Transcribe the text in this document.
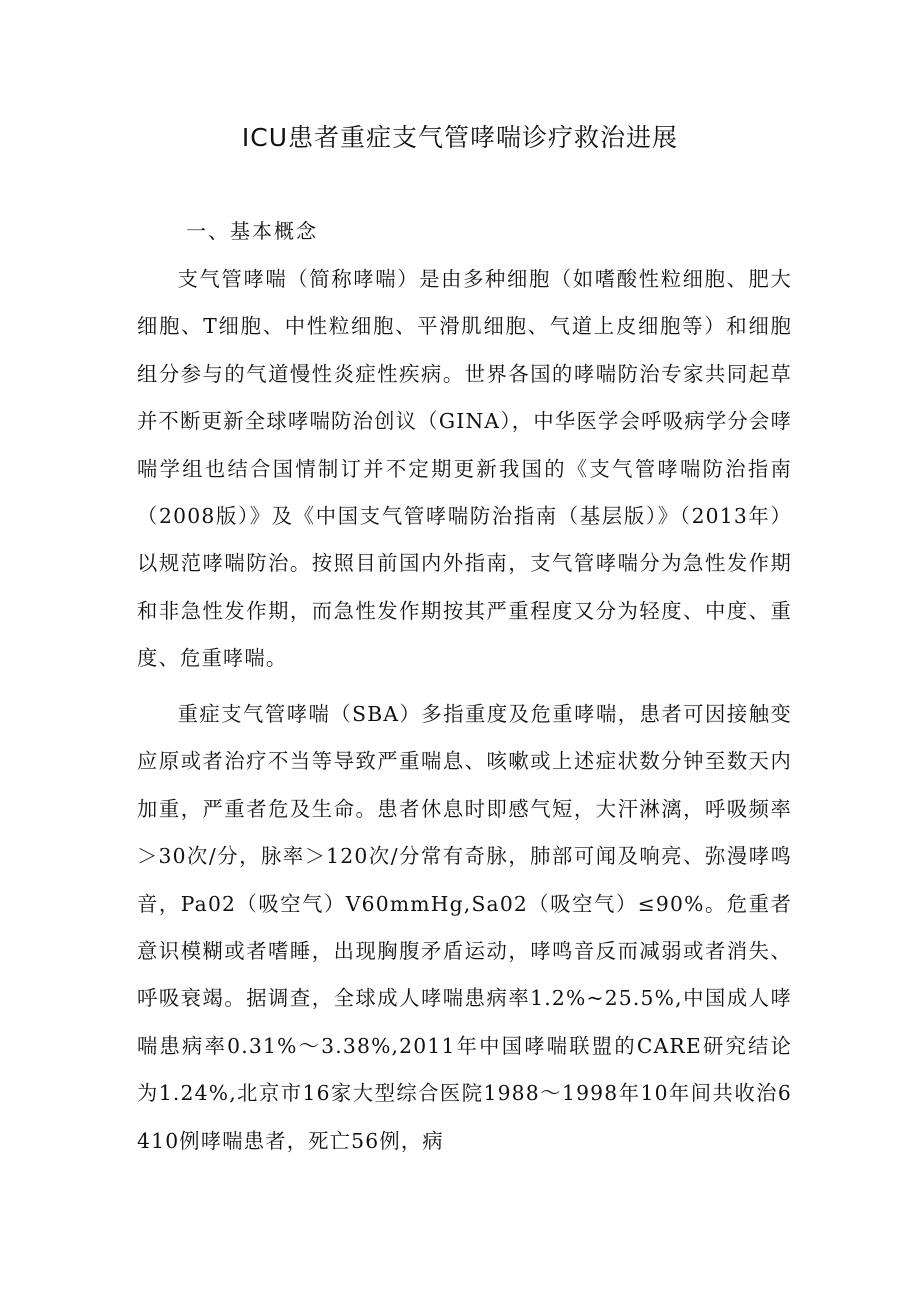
ICU患者重症支气管哮喘诊疗救治进展
一、基本概念

支气管哮喘（简称哮喘）是由多种细胞（如嗜酸性粒细胞、肥大细胞、T细胞、中性粒细胞、平滑肌细胞、气道上皮细胞等）和细胞组分参与的气道慢性炎症性疾病。世界各国的哮喘防治专家共同起草并不断更新全球哮喘防治创议（GINA），中华医学会呼吸病学分会哮喘学组也结合国情制订并不定期更新我国的《支气管哮喘防治指南（2008版）》及《中国支气管哮喘防治指南（基层版）》（2013年）以规范哮喘防治。按照目前国内外指南，支气管哮喘分为急性发作期和非急性发作期，而急性发作期按其严重程度又分为轻度、中度、重度、危重哮喘。

重症支气管哮喘（SBA）多指重度及危重哮喘，患者可因接触变应原或者治疗不当等导致严重喘息、咳嗽或上述症状数分钟至数天内加重，严重者危及生命。患者休息时即感气短，大汗淋漓，呼吸频率＞30次/分，脉率＞120次/分常有奇脉，肺部可闻及响亮、弥漫哮鸣音，Pa02（吸空气）V60mmHg,Sa02（吸空气）≤90%。危重者意识模糊或者嗜睡，出现胸腹矛盾运动，哮鸣音反而减弱或者消失、呼吸衰竭。据调查，全球成人哮喘患病率1.2%~25.5%,中国成人哮喘患病率0.31%～3.38%,2011年中国哮喘联盟的CARE研究结论为1.24%,北京市16家大型综合医院1988～1998年10年间共收治6410例哮喘患者，死亡56例，病
